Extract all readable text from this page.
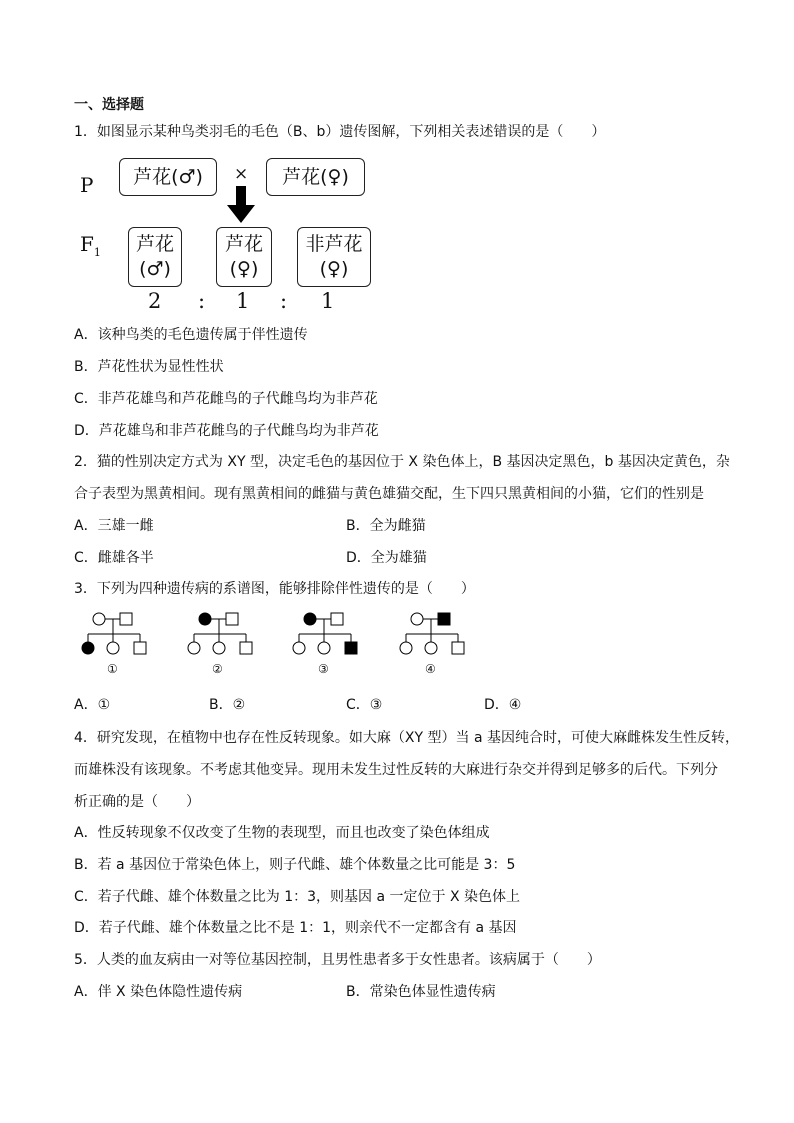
一、选择题
1．如图显示某种鸟类羽毛的毛色（B、b）遗传图解，下列相关表述错误的是（　　）
P	芦花(♂)	×	芦花(♀)
$F_1$ 芦花
(♂)
芦花
(♀)
非芦花
(♀)
2 : 1 : 1
A．该种鸟类的毛色遗传属于伴性遗传
B．芦花性状为显性性状
C．非芦花雄鸟和芦花雌鸟的子代雌鸟均为非芦花
D．芦花雄鸟和非芦花雌鸟的子代雌鸟均为非芦花
2．猫的性别决定方式为 XY 型，决定毛色的基因位于 X 染色体上，B 基因决定黑色，b 基因决定黄色，杂
合子表型为黑黄相间。现有黑黄相间的雌猫与黄色雄猫交配，生下四只黑黄相间的小猫，它们的性别是
A．三雄一雌	B．全为雌猫
C．雌雄各半	D．全为雄猫
3．下列为四种遗传病的系谱图，能够排除伴性遗传的是（　　）
①	②	③	④
A．①	B．②	C．③	D．④
4．研究发现，在植物中也存在性反转现象。如大麻（XY 型）当 a 基因纯合时，可使大麻雌株发生性反转，
而雄株没有该现象。不考虑其他变异。现用未发生过性反转的大麻进行杂交并得到足够多的后代。下列分
析正确的是（　　）
A．性反转现象不仅改变了生物的表现型，而且也改变了染色体组成
B．若 a 基因位于常染色体上，则子代雌、雄个体数量之比可能是 3：5
C．若子代雌、雄个体数量之比为 1：3，则基因 a 一定位于 X 染色体上
D．若子代雌、雄个体数量之比不是 1：1，则亲代不一定都含有 a 基因
5．人类的血友病由一对等位基因控制，且男性患者多于女性患者。该病属于（　　）
A．伴 X 染色体隐性遗传病	B．常染色体显性遗传病
